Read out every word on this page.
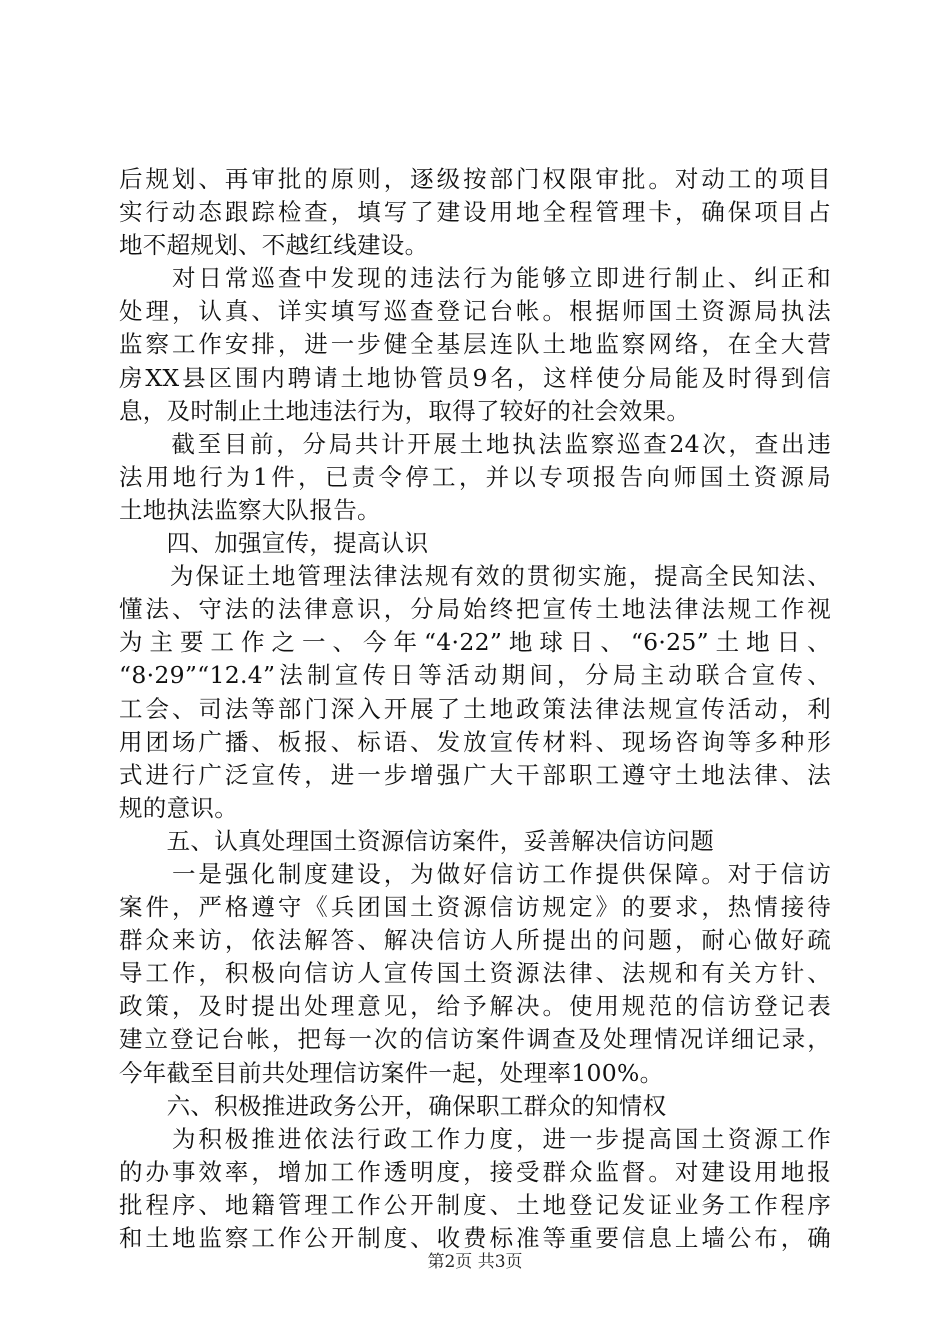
后规划、再审批的原则，逐级按部门权限审批。对动工的项目
实行动态跟踪检查，填写了建设用地全程管理卡，确保项目占
地不超规划、不越红线建设。
　　对日常巡查中发现的违法行为能够立即进行制止、纠正和
处理，认真、详实填写巡查登记台帐。根据师国土资源局执法
监察工作安排，进一步健全基层连队土地监察网络，在全大营
房XX县区围内聘请土地协管员9名，这样使分局能及时得到信
息，及时制止土地违法行为，取得了较好的社会效果。
　　截至目前，分局共计开展土地执法监察巡查24次，查出违
法用地行为1件，已责令停工，并以专项报告向师国土资源局
土地执法监察大队报告。
　　四、加强宣传，提高认识
　　为保证土地管理法律法规有效的贯彻实施，提高全民知法、
懂法、守法的法律意识，分局始终把宣传土地法律法规工作视
为主要工作之一、今年“4·22”地球日、“6·25”土地日、
“8·29”“12.4”法制宣传日等活动期间，分局主动联合宣传、
工会、司法等部门深入开展了土地政策法律法规宣传活动，利
用团场广播、板报、标语、发放宣传材料、现场咨询等多种形
式进行广泛宣传，进一步增强广大干部职工遵守土地法律、法
规的意识。
　　五、认真处理国土资源信访案件，妥善解决信访问题
　　一是强化制度建设，为做好信访工作提供保障。对于信访
案件，严格遵守《兵团国土资源信访规定》的要求，热情接待
群众来访，依法解答、解决信访人所提出的问题，耐心做好疏
导工作，积极向信访人宣传国土资源法律、法规和有关方针、
政策，及时提出处理意见，给予解决。使用规范的信访登记表
建立登记台帐，把每一次的信访案件调查及处理情况详细记录，
今年截至目前共处理信访案件一起，处理率100%。
　　六、积极推进政务公开，确保职工群众的知情权
　　为积极推进依法行政工作力度，进一步提高国土资源工作
的办事效率，增加工作透明度，接受群众监督。对建设用地报
批程序、地籍管理工作公开制度、土地登记发证业务工作程序
和土地监察工作公开制度、收费标准等重要信息上墙公布，确
第2页 共3页
